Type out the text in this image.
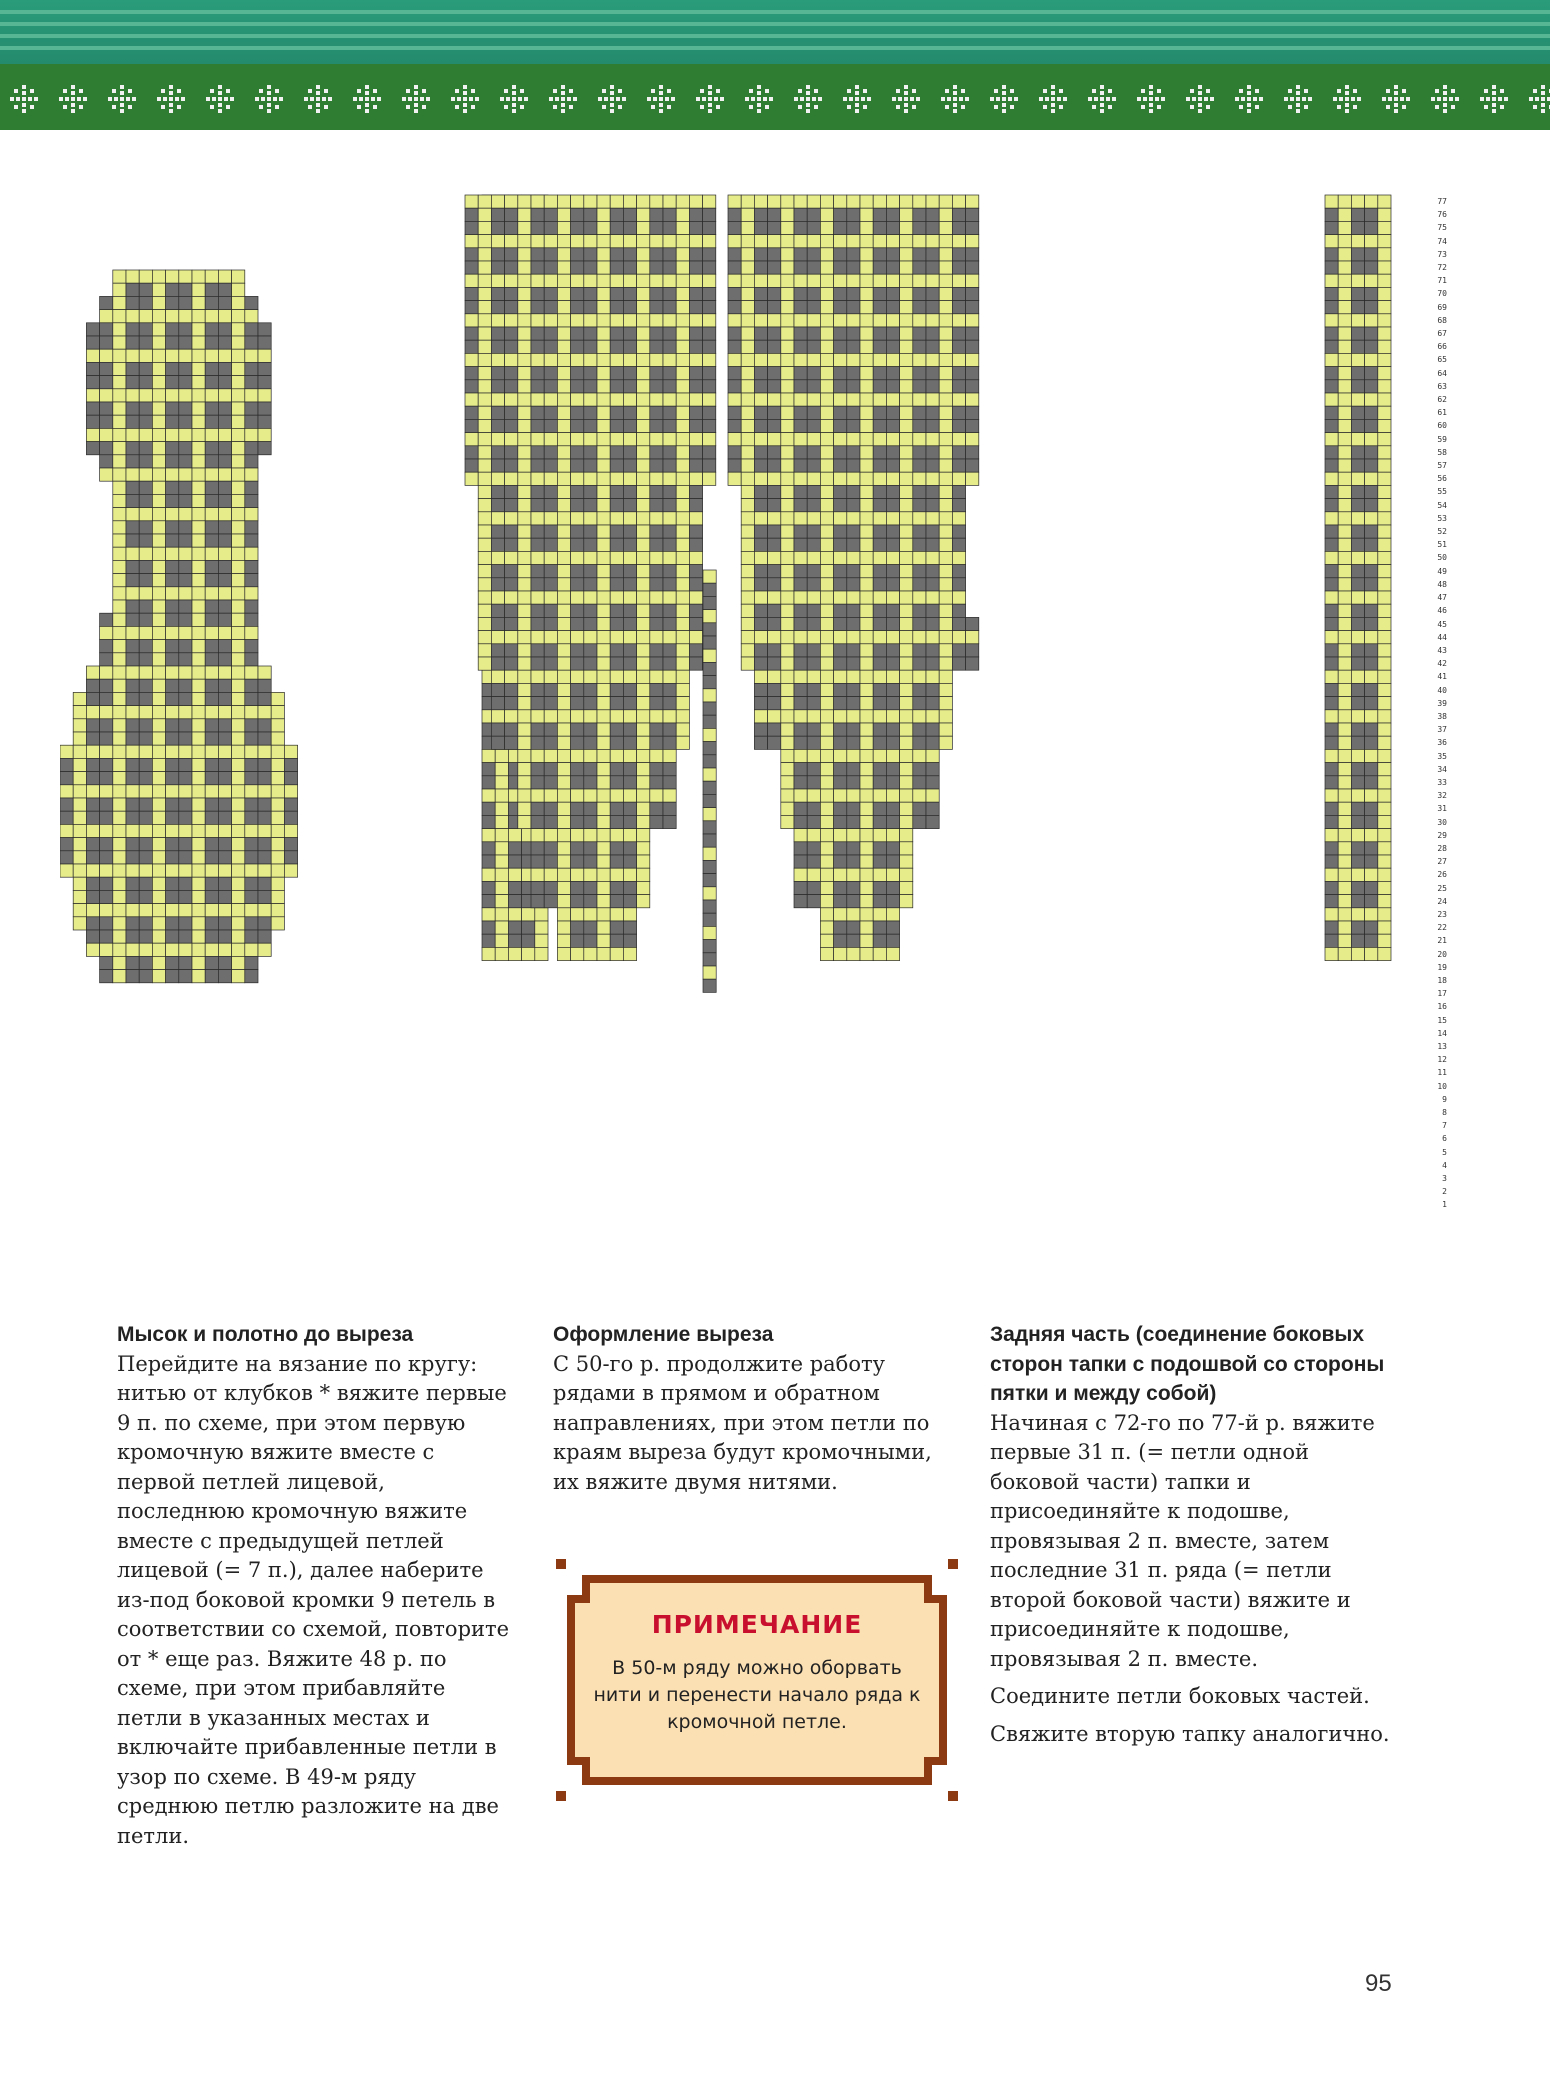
77
76
75
74
73
72
71
70
69
68
67
66
65
64
63
62
61
60
59
58
57
56
55
54
53
52
51
50
49
48
47
46
45
44
43
42
41
40
39
38
37
36
35
34
33
32
31
30
29
28
27
26
25
24
23
22
21
20
19
18
17
16
15
14
13
12
11
10
9
8
7
6
5
4
3
2
1
Мысок и полотно до выреза

Перейдите на вязание по кругу: нитью от клубков * вяжите первые 9 п. по схеме, при этом первую кромочную вяжите вместе с первой петлей лицевой, последнюю кромочную вяжите вместе с предыдущей петлей лицевой (= 7 п.), далее наберите из-под боковой кромки 9 петель в соответствии со схемой, повторите от * еще раз. Вяжите 48 р. по схеме, при этом прибавляйте петли в указанных местах и включайте прибавленные петли в узор по схеме. В 49-м ряду среднюю петлю разложите на две петли.

Оформление выреза

С 50-го р. продолжите работу рядами в прямом и обратном направлениях, при этом петли по краям выреза будут кромочными, их вяжите двумя нитями.

ПРИМЕЧАНИЕ
В 50-м ряду можно оборвать нити и перенести начало ряда к кромочной петле.
Задняя часть (соединение боковых сторон тапки с подошвой со стороны пятки и между собой)

Начиная с 72-го по 77-й р. вяжите первые 31 п. (= петли одной боковой части) тапки и присоединяйте к подошве, провязывая 2 п. вместе, затем последние 31 п. ряда (= петли второй боковой части) вяжите и присоединяйте к подошве, провязывая 2 п. вместе.

Соедините петли боковых частей.

Свяжите вторую тапку аналогично.

95
